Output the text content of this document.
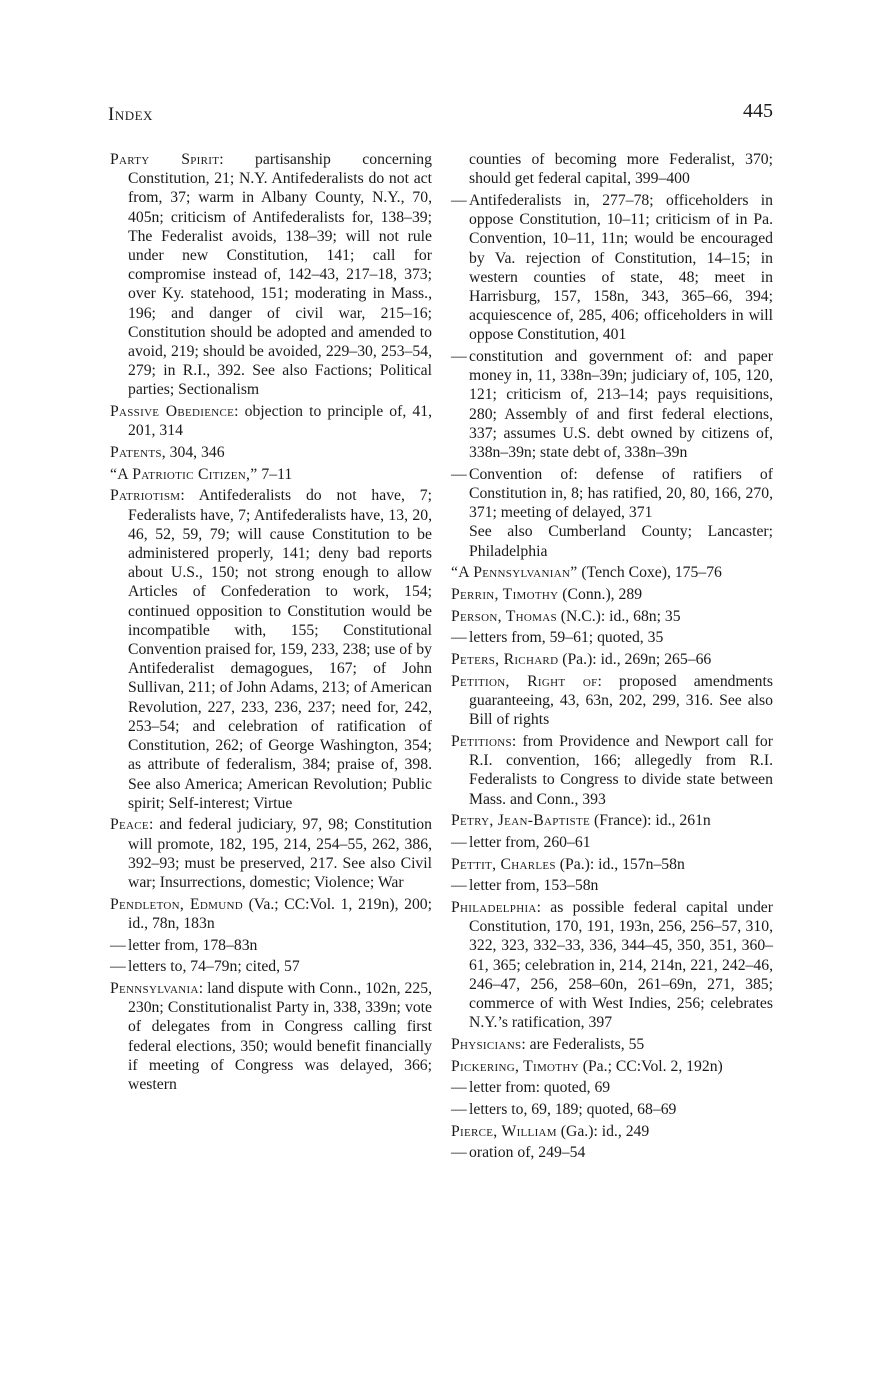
Index	445

Party Spirit: partisanship concerning Constitution, 21; N.Y. Antifederalists do not act from, 37; warm in Albany County, N.Y., 70, 405n; criticism of Antifederalists for, 138–39; The Federalist avoids, 138–39; will not rule under new Constitution, 141; call for compromise instead of, 142–43, 217–18, 373; over Ky. statehood, 151; moderating in Mass., 196; and danger of civil war, 215–16; Constitution should be adopted and amended to avoid, 219; should be avoided, 229–30, 253–54, 279; in R.I., 392. See also Factions; Political parties; Sectionalism

Passive Obedience: objection to principle of, 41, 201, 314

Patents, 304, 346

“A Patriotic Citizen,” 7–11

Patriotism: Antifederalists do not have, 7; Federalists have, 7; Antifederalists have, 13, 20, 46, 52, 59, 79; will cause Constitution to be administered properly, 141; deny bad reports about U.S., 150; not strong enough to allow Articles of Confederation to work, 154; continued opposition to Constitution would be incompatible with, 155; Constitutional Convention praised for, 159, 233, 238; use of by Antifederalist demagogues, 167; of John Sullivan, 211; of John Adams, 213; of American Revolution, 227, 233, 236, 237; need for, 242, 253–54; and celebration of ratification of Constitution, 262; of George Washington, 354; as attribute of federalism, 384; praise of, 398. See also America; American Revolution; Public spirit; Self-interest; Virtue

Peace: and federal judiciary, 97, 98; Constitution will promote, 182, 195, 214, 254–55, 262, 386, 392–93; must be preserved, 217. See also Civil war; Insurrections, domestic; Violence; War

Pendleton, Edmund (Va.; CC:Vol. 1, 219n), 200; id., 78n, 183n

— letter from, 178–83n

— letters to, 74–79n; cited, 57

Pennsylvania: land dispute with Conn., 102n, 225, 230n; Constitutionalist Party in, 338, 339n; vote of delegates from in Congress calling first federal elections, 350; would benefit financially if meeting of Congress was delayed, 366; western

counties of becoming more Federalist, 370; should get federal capital, 399–400

— Antifederalists in, 277–78; officeholders in oppose Constitution, 10–11; criticism of in Pa. Convention, 10–11, 11n; would be encouraged by Va. rejection of Constitution, 14–15; in western counties of state, 48; meet in Harrisburg, 157, 158n, 343, 365–66, 394; acquiescence of, 285, 406; officeholders in will oppose Constitution, 401

— constitution and government of: and paper money in, 11, 338n–39n; judiciary of, 105, 120, 121; criticism of, 213–14; pays requisitions, 280; Assembly of and first federal elections, 337; assumes U.S. debt owned by citizens of, 338n–39n; state debt of, 338n–39n

— Convention of: defense of ratifiers of Constitution in, 8; has ratified, 20, 80, 166, 270, 371; meeting of delayed, 371
See also Cumberland County; Lancaster; Philadelphia

“A Pennsylvanian” (Tench Coxe), 175–76

Perrin, Timothy (Conn.), 289

Person, Thomas (N.C.): id., 68n; 35

— letters from, 59–61; quoted, 35

Peters, Richard (Pa.): id., 269n; 265–66

Petition, Right of: proposed amendments guaranteeing, 43, 63n, 202, 299, 316. See also Bill of rights

Petitions: from Providence and Newport call for R.I. convention, 166; allegedly from R.I. Federalists to Congress to divide state between Mass. and Conn., 393

Petry, Jean-Baptiste (France): id., 261n

— letter from, 260–61

Pettit, Charles (Pa.): id., 157n–58n

— letter from, 153–58n

Philadelphia: as possible federal capital under Constitution, 170, 191, 193n, 256, 256–57, 310, 322, 323, 332–33, 336, 344–45, 350, 351, 360–61, 365; celebration in, 214, 214n, 221, 242–46, 246–47, 256, 258–60n, 261–69n, 271, 385; commerce of with West Indies, 256; celebrates N.Y.’s ratification, 397

Physicians: are Federalists, 55

Pickering, Timothy (Pa.; CC:Vol. 2, 192n)

— letter from: quoted, 69

— letters to, 69, 189; quoted, 68–69

Pierce, William (Ga.): id., 249

— oration of, 249–54
